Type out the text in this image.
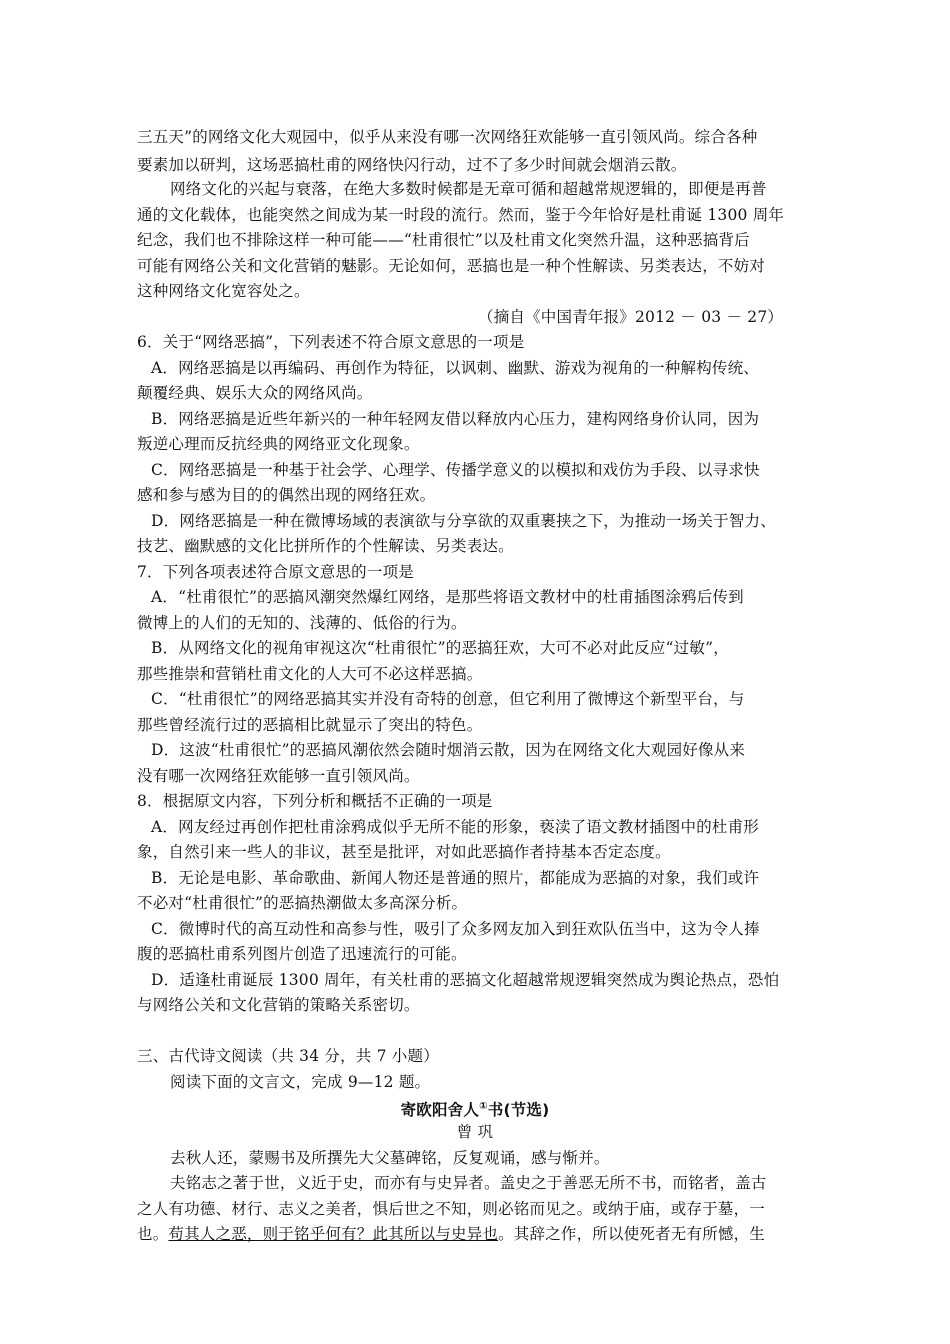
三五天”的网络文化大观园中，似乎从来没有哪一次网络狂欢能够一直引领风尚。综合各种
要素加以研判，这场恶搞杜甫的网络快闪行动，过不了多少时间就会烟消云散。
网络文化的兴起与衰落，在绝大多数时候都是无章可循和超越常规逻辑的，即便是再普
通的文化载体，也能突然之间成为某一时段的流行。然而，鉴于今年恰好是杜甫诞 1300 周年
纪念，我们也不排除这样一种可能——“杜甫很忙”以及杜甫文化突然升温，这种恶搞背后
可能有网络公关和文化营销的魅影。无论如何，恶搞也是一种个性解读、另类表达，不妨对
这种网络文化宽容处之。
（摘自《中国青年报》2012 － 03 － 27）
6．关于“网络恶搞”，下列表述不符合原文意思的一项是
A．网络恶搞是以再编码、再创作为特征，以讽刺、幽默、游戏为视角的一种解构传统、
颠覆经典、娱乐大众的网络风尚。
B．网络恶搞是近些年新兴的一种年轻网友借以释放内心压力，建构网络身价认同，因为
叛逆心理而反抗经典的网络亚文化现象。
C．网络恶搞是一种基于社会学、心理学、传播学意义的以模拟和戏仿为手段、以寻求快
感和参与感为目的的偶然出现的网络狂欢。
D．网络恶搞是一种在微博场域的表演欲与分享欲的双重裹挟之下，为推动一场关于智力、
技艺、幽默感的文化比拼所作的个性解读、另类表达。
7．下列各项表述符合原文意思的一项是
A．“杜甫很忙”的恶搞风潮突然爆红网络，是那些将语文教材中的杜甫插图涂鸦后传到
微博上的人们的无知的、浅薄的、低俗的行为。
B．从网络文化的视角审视这次“杜甫很忙”的恶搞狂欢，大可不必对此反应“过敏”，
那些推崇和营销杜甫文化的人大可不必这样恶搞。
C．“杜甫很忙”的网络恶搞其实并没有奇特的创意，但它利用了微博这个新型平台，与
那些曾经流行过的恶搞相比就显示了突出的特色。
D．这波“杜甫很忙”的恶搞风潮依然会随时烟消云散，因为在网络文化大观园好像从来
没有哪一次网络狂欢能够一直引领风尚。
8．根据原文内容，下列分析和概括不正确的一项是
A．网友经过再创作把杜甫涂鸦成似乎无所不能的形象，亵渎了语文教材插图中的杜甫形
象，自然引来一些人的非议，甚至是批评，对如此恶搞作者持基本否定态度。
B．无论是电影、革命歌曲、新闻人物还是普通的照片，都能成为恶搞的对象，我们或许
不必对“杜甫很忙”的恶搞热潮做太多高深分析。
C．微博时代的高互动性和高参与性，吸引了众多网友加入到狂欢队伍当中，这为令人捧
腹的恶搞杜甫系列图片创造了迅速流行的可能。
D．适逢杜甫诞辰 1300 周年，有关杜甫的恶搞文化超越常规逻辑突然成为舆论热点，恐怕
与网络公关和文化营销的策略关系密切。
三、古代诗文阅读（共 34 分，共 7 小题）
阅读下面的文言文，完成 9—12 题。
寄欧阳舍人①书(节选)
曾 巩
去秋人还，蒙赐书及所撰先大父墓碑铭，反复观诵，感与惭并。
夫铭志之著于世，义近于史，而亦有与史异者。盖史之于善恶无所不书，而铭者，盖古
之人有功德、材行、志义之美者，惧后世之不知，则必铭而见之。或纳于庙，或存于墓，一
也。苟其人之恶，则于铭乎何有？此其所以与史异也。其辞之作，所以使死者无有所憾，生
